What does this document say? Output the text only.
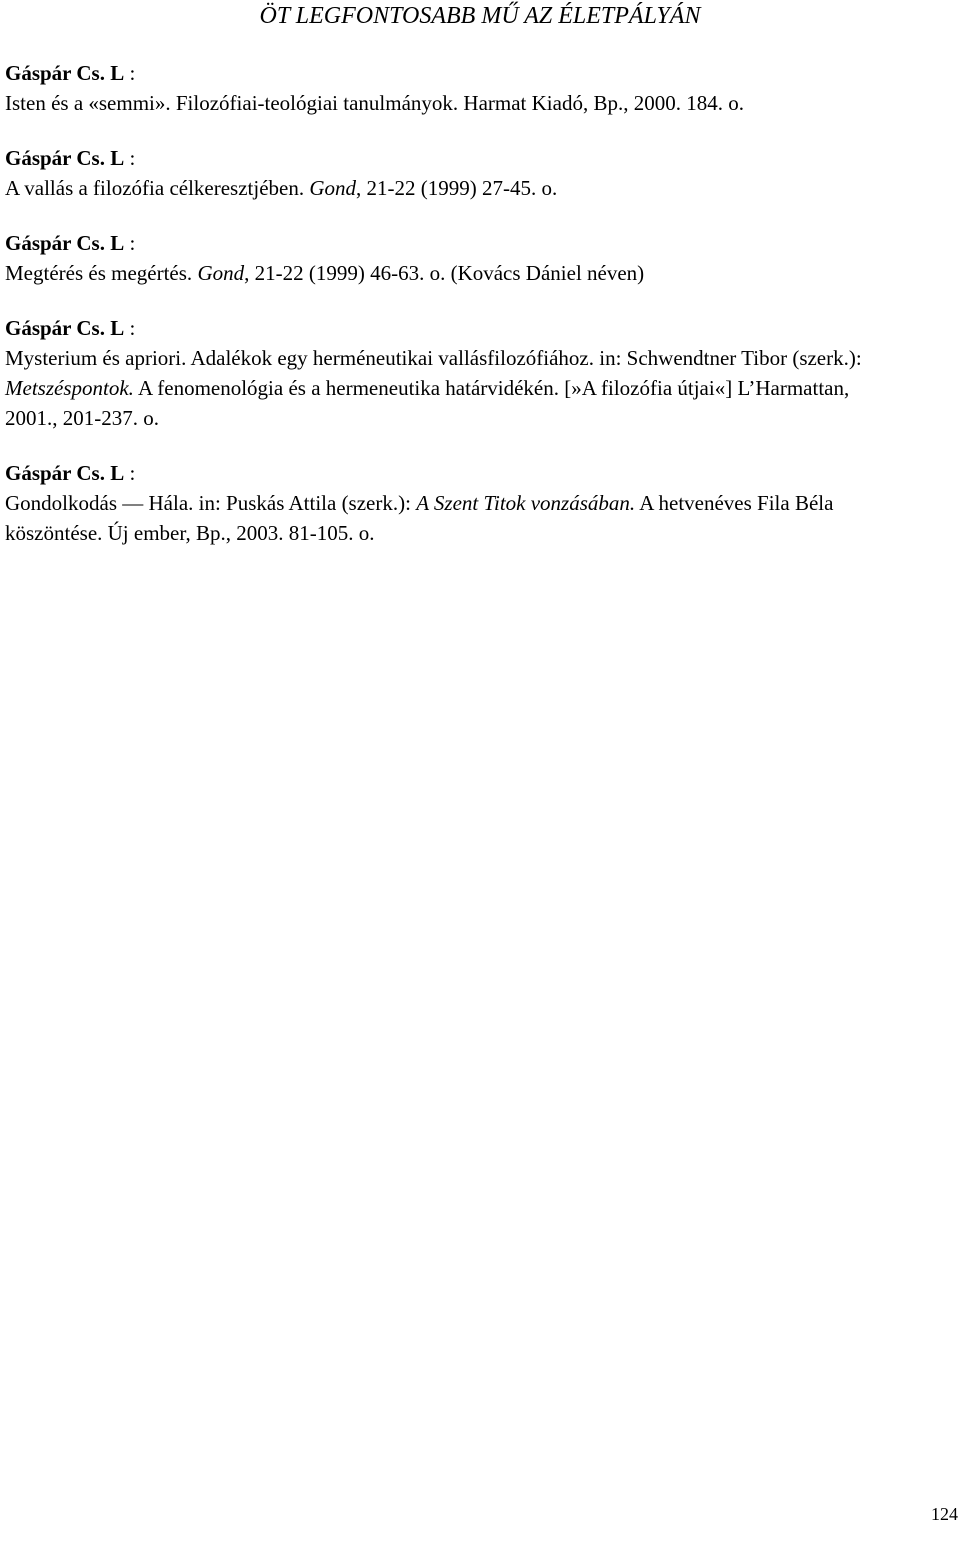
ÖT LEGFONTOSABB MŰ AZ ÉLETPÁLYÁN
Gáspár Cs. L :
Isten és a «semmi». Filozófiai-teológiai tanulmányok. Harmat Kiadó, Bp., 2000. 184. o.
Gáspár Cs. L :
A vallás a filozófia célkeresztjében. Gond, 21-22 (1999) 27-45. o.
Gáspár Cs. L :
Megtérés és megértés. Gond, 21-22 (1999) 46-63. o. (Kovács Dániel néven)
Gáspár Cs. L :
Mysterium és apriori. Adalékok egy herméneutikai vallásfilozófiához. in: Schwendtner Tibor (szerk.): Metszéspontok. A fenomenológia és a hermeneutika határvidékén. [»A filozófia útjai«] L’Harmattan, 2001., 201-237. o.
Gáspár Cs. L :
Gondolkodás — Hála. in: Puskás Attila (szerk.): A Szent Titok vonzásában. A hetvenéves Fila Béla köszöntése. Új ember, Bp., 2003. 81-105. o.
124
